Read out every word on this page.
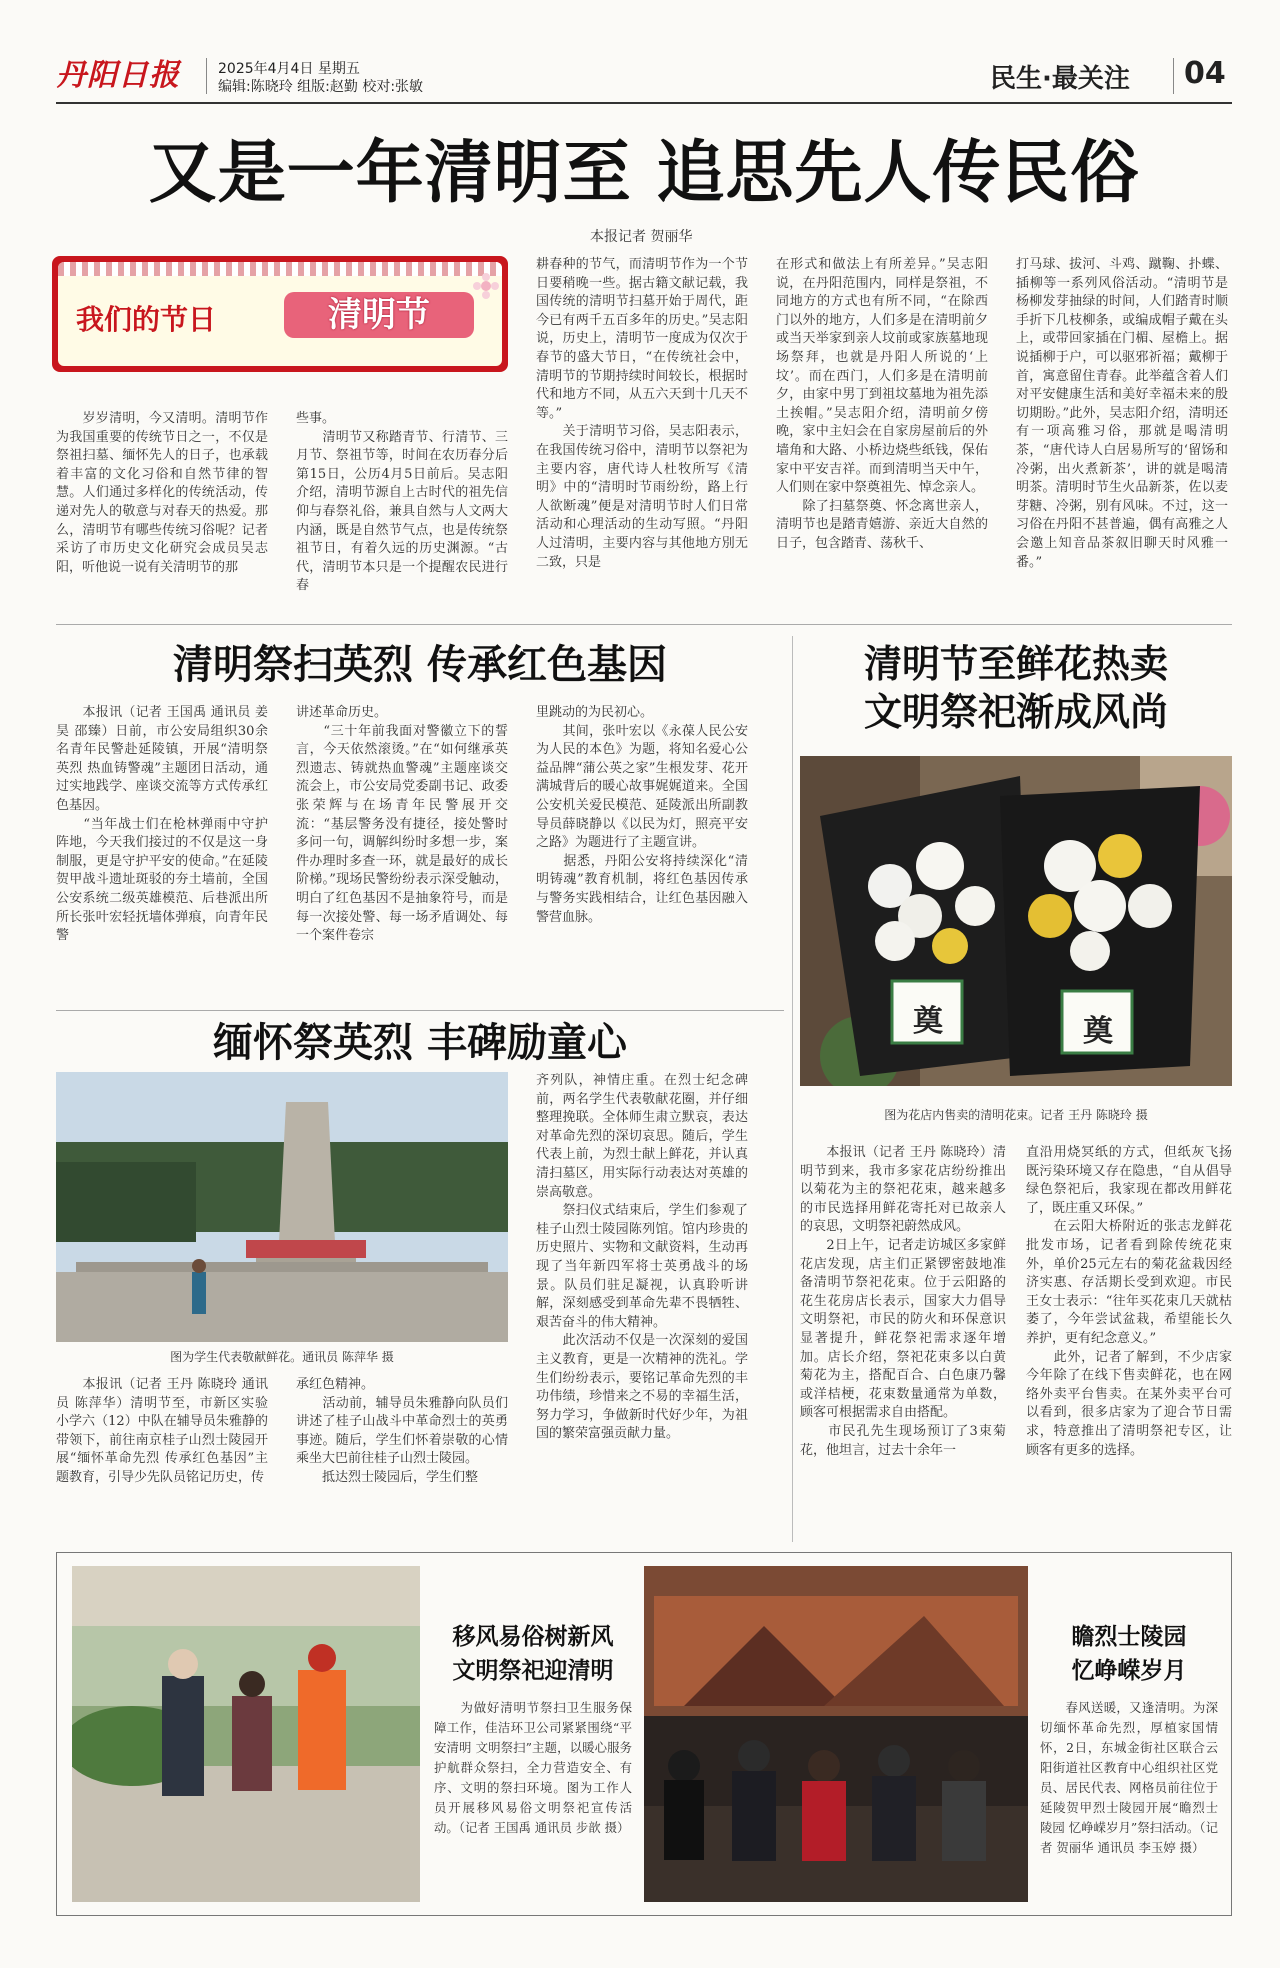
丹阳日报	2025年4月4日 星期五
编辑:陈晓玲 组版:赵勤 校对:张敏	民生·最关注 04
又是一年清明至 追思先人传民俗
本报记者 贺丽华
我们的节日	清明节
　　岁岁清明，今又清明。清明节作为我国重要的传统节日之一，不仅是祭祖扫墓、缅怀先人的日子，也承载着丰富的文化习俗和自然节律的智慧。人们通过多样化的传统活动，传递对先人的敬意与对春天的热爱。那么，清明节有哪些传统习俗呢？记者采访了市历史文化研究会成员吴志阳，听他说一说有关清明节的那
些事。
　　清明节又称踏青节、行清节、三月节、祭祖节等，时间在农历春分后第15日，公历4月5日前后。吴志阳介绍，清明节源自上古时代的祖先信仰与春祭礼俗，兼具自然与人文两大内涵，既是自然节气点，也是传统祭祖节日，有着久远的历史渊源。“古代，清明节本只是一个提醒农民进行春
耕春种的节气，而清明节作为一个节日要稍晚一些。据古籍文献记载，我国传统的清明节扫墓开始于周代，距今已有两千五百多年的历史。”吴志阳说，历史上，清明节一度成为仅次于春节的盛大节日，“在传统社会中，清明节的节期持续时间较长，根据时代和地方不同，从五六天到十几天不等。”
　　关于清明节习俗，吴志阳表示，在我国传统习俗中，清明节以祭祀为主要内容，唐代诗人杜牧所写《清明》中的“清明时节雨纷纷，路上行人欲断魂”便是对清明节时人们日常活动和心理活动的生动写照。“丹阳人过清明，主要内容与其他地方別无二致，只是
在形式和做法上有所差异。”吴志阳说，在丹阳范围内，同样是祭祖，不同地方的方式也有所不同，“在除西门以外的地方，人们多是在清明前夕或当天举家到亲人坟前或家族墓地现场祭拜，也就是丹阳人所说的‘上坟’。而在西门，人们多是在清明前夕，由家中男丁到祖坟墓地为祖先添土挨帽。”吴志阳介绍，清明前夕傍晚，家中主妇会在自家房屋前后的外墙角和大路、小桥边烧些纸钱，保佑家中平安吉祥。而到清明当天中午，人们则在家中祭奠祖先、悼念亲人。
　　除了扫墓祭奠、怀念离世亲人，清明节也是踏青嬉游、亲近大自然的日子，包含踏青、荡秋千、
打马球、拔河、斗鸡、蹴鞠、扑蝶、插柳等一系列风俗活动。“清明节是杨柳发芽抽绿的时间，人们踏青时顺手折下几枝柳条，或编成帽子戴在头上，或带回家插在门楣、屋檐上。据说插柳于户，可以驱邪祈福；戴柳于首，寓意留住青春。此举蕴含着人们对平安健康生活和美好幸福未来的殷切期盼。”此外，吴志阳介绍，清明还有一项高雅习俗，那就是喝清明茶，“唐代诗人白居易所写的‘留饧和冷粥，出火煮新茶’，讲的就是喝清明茶。清明时节生火品新茶，佐以麦芽糖、冷粥，别有风味。不过，这一习俗在丹阳不甚普遍，偶有高雅之人会邀上知音品茶叙旧聊天时风雅一番。”
清明祭扫英烈 传承红色基因
　　本报讯（记者 王国禹 通讯员 姜昊 邵臻）日前，市公安局组织30余名青年民警赴延陵镇，开展“清明祭英烈 热血铸警魂”主题团日活动，通过实地践学、座谈交流等方式传承红色基因。
　　“当年战士们在枪林弹雨中守护阵地，今天我们接过的不仅是这一身制服，更是守护平安的使命。”在延陵贺甲战斗遗址斑驳的夯土墙前，全国公安系统二级英雄模范、后巷派出所所长张叶宏轻抚墙体弹痕，向青年民警
讲述革命历史。
　　“三十年前我面对警徽立下的誓言，今天依然滚烫。”在“如何继承英烈遗志、铸就热血警魂”主题座谈交流会上，市公安局党委副书记、政委张荣辉与在场青年民警展开交流：“基层警务没有捷径，接处警时多问一句，调解纠纷时多想一步，案件办理时多查一环，就是最好的成长阶梯。”现场民警纷纷表示深受触动，明白了红色基因不是抽象符号，而是每一次接处警、每一场矛盾调处、每一个案件卷宗
里跳动的为民初心。
　　其间，张叶宏以《永葆人民公安为人民的本色》为题，将知名爱心公益品牌“蒲公英之家”生根发芽、花开满城背后的暖心故事娓娓道来。全国公安机关爱民模范、延陵派出所副教导员薛晓静以《以民为灯，照亮平安之路》为题进行了主题宣讲。
　　据悉，丹阳公安将持续深化“清明铸魂”教育机制，将红色基因传承与警务实践相结合，让红色基因融入警营血脉。
清明节至鲜花热卖
文明祭祀渐成风尚
奠	奠
图为花店内售卖的清明花束。记者 王丹 陈晓玲 摄
　　本报讯（记者 王丹 陈晓玲）清明节到来，我市多家花店纷纷推出以菊花为主的祭祀花束，越来越多的市民选择用鲜花寄托对已故亲人的哀思，文明祭祀蔚然成风。
　　2日上午，记者走访城区多家鲜花店发现，店主们正紧锣密鼓地准备清明节祭祀花束。位于云阳路的花生花房店长表示，国家大力倡导文明祭祀，市民的防火和环保意识显著提升，鲜花祭祀需求逐年增加。店长介绍，祭祀花束多以白黄菊花为主，搭配百合、白色康乃馨或洋桔梗，花束数量通常为单数，顾客可根据需求自由搭配。
　　市民孔先生现场预订了3束菊花，他坦言，过去十余年一
直沿用烧冥纸的方式，但纸灰飞扬既污染环境又存在隐患，“自从倡导绿色祭祀后，我家现在都改用鲜花了，既庄重又环保。”
　　在云阳大桥附近的张志龙鲜花批发市场，记者看到除传统花束外，单价25元左右的菊花盆栽因经济实惠、存活期长受到欢迎。市民王女士表示：“往年买花束几天就枯萎了，今年尝试盆栽，希望能长久养护，更有纪念意义。”
　　此外，记者了解到，不少店家今年除了在线下售卖鲜花，也在网络外卖平台售卖。在某外卖平台可以看到，很多店家为了迎合节日需求，特意推出了清明祭祀专区，让顾客有更多的选择。
缅怀祭英烈 丰碑励童心
图为学生代表敬献鲜花。通讯员 陈萍华 摄
齐列队，神情庄重。在烈士纪念碑前，两名学生代表敬献花圈，并仔细整理挽联。全体师生肃立默哀，表达对革命先烈的深切哀思。随后，学生代表上前，为烈士献上鲜花，并认真清扫墓区，用实际行动表达对英雄的崇高敬意。
　　祭扫仪式结束后，学生们参观了桂子山烈士陵园陈列馆。馆内珍贵的历史照片、实物和文献资料，生动再现了当年新四军将士英勇战斗的场景。队员们驻足凝视，认真聆听讲解，深刻感受到革命先辈不畏牺牲、艰苦奋斗的伟大精神。
　　此次活动不仅是一次深刻的爱国主义教育，更是一次精神的洗礼。学生们纷纷表示，要铭记革命先烈的丰功伟绩，珍惜来之不易的幸福生活，努力学习，争做新时代好少年，为祖国的繁荣富强贡献力量。
　　本报讯（记者 王丹 陈晓玲 通讯员 陈萍华）清明节至，市新区实验小学六（12）中队在辅导员朱雅静的带领下，前往南京桂子山烈士陵园开展“缅怀革命先烈 传承红色基因”主题教育，引导少先队员铭记历史，传
承红色精神。
　　活动前，辅导员朱雅静向队员们讲述了桂子山战斗中革命烈士的英勇事迹。随后，学生们怀着崇敬的心情乘坐大巴前往桂子山烈士陵园。
　　抵达烈士陵园后，学生们整
移风易俗树新风
文明祭祀迎清明
　　为做好清明节祭扫卫生服务保障工作，佳洁环卫公司紧紧围绕“平安清明 文明祭扫”主题，以暖心服务护航群众祭扫，全力营造安全、有序、文明的祭扫环境。图为工作人员开展移风易俗文明祭祀宣传活动。（记者 王国禹 通讯员 步歆 摄）
瞻烈士陵园
忆峥嵘岁月
　　春风送暖，又逢清明。为深切缅怀革命先烈，厚植家国情怀，2日，东城金街社区联合云阳街道社区教育中心组织社区党员、居民代表、网格员前往位于延陵贺甲烈士陵园开展“瞻烈士陵园 忆峥嵘岁月”祭扫活动。（记者 贺丽华 通讯员 李玉婷 摄）
